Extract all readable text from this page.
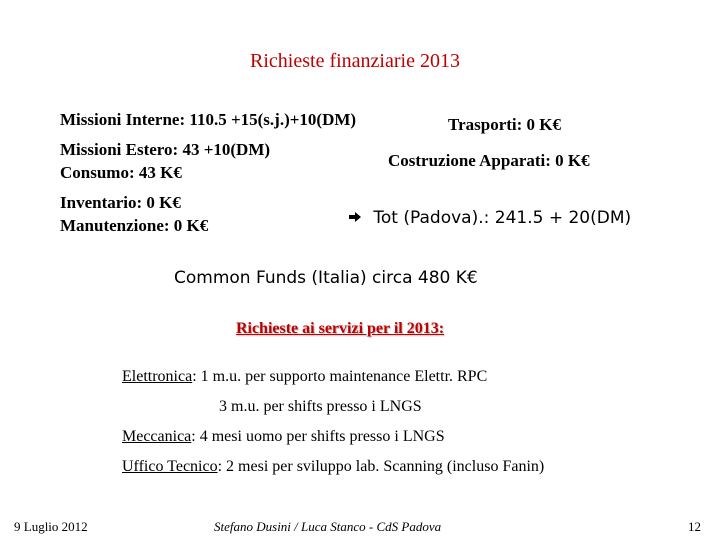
Richieste finanziarie 2013
Missioni Interne: 110.5 +15(s.j.)+10(DM)
Missioni Estero: 43 +10(DM)
Consumo: 43 K€
Inventario: 0 K€
Manutenzione: 0 K€
Trasporti: 0 K€
Costruzione Apparati: 0 K€
Tot (Padova).: 241.5 + 20(DM)
Common Funds (Italia) circa 480 K€
Richieste ai servizi per il 2013:
Elettronica: 1 m.u. per supporto maintenance Elettr. RPC
3 m.u. per shifts presso i LNGS
Meccanica: 4 mesi uomo per shifts presso i LNGS
Uffico Tecnico: 2 mesi per sviluppo lab. Scanning (incluso Fanin)
9 Luglio 2012	Stefano Dusini / Luca Stanco - CdS Padova	12
